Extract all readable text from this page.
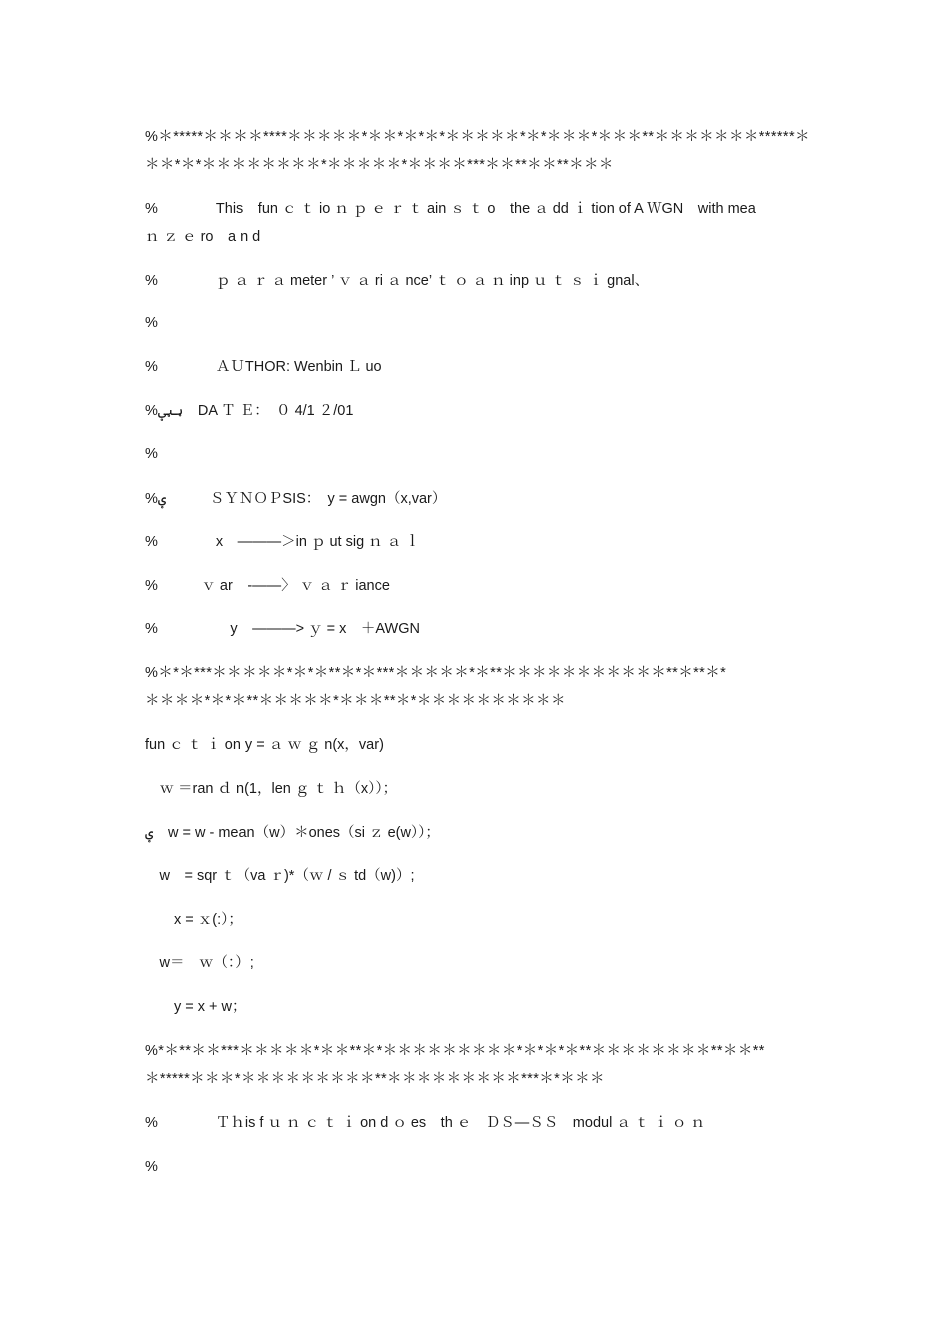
%＊*****＊＊＊＊****＊＊＊＊＊*＊＊*＊*＊*＊＊＊＊＊*＊*＊＊＊*＊＊＊**＊＊＊＊＊＊＊******＊
＊＊*＊*＊＊＊＊＊＊＊＊*＊＊＊＊＊*＊＊＊＊***＊＊**＊＊**＊＊＊
%　　　　This　fun ｃ ｔ io ｎ ｐ ｅ ｒ ｔ ain ｓ ｔ o　the ａ dd ｉ tion of A ＷGN　with mea
ｎ ｚ ｅ ro　a n d
%　　　　ｐ ａ ｒ ａ meter ’ ｖ ａ ri ａ nce’ ｔ ｏ ａ ｎ inp ｕ ｔ ｓ ｉ gnal、
%
%　　　　ＡＵTHOR: Wenbin Ｌ uo
%ؠؠؠ　DA Ｔ Ｅ：　０ 4/1 ２/01
%
%ؠ　　　ＳＹＮＯＰSIS：　y = awgn（x,var）
%　　　　x　———＞in ｐ ut sig ｎ ａ ｌ
%　　　ｖ ar　-——〉 ｖ ａ ｒ iance
%　　　　　y　———> ｙ = x　＋AWGN
%＊*＊***＊＊＊＊＊*＊*＊**＊*＊***＊＊＊＊＊*＊**＊＊＊＊＊＊＊＊＊＊＊**＊**＊*
＊＊＊＊*＊*＊**＊＊＊＊＊*＊＊＊**＊*＊＊＊＊＊＊＊＊＊＊
fun ｃ ｔ ｉ on y = ａ ｗ ｇ n(x，var)
　ｗ ＝ran ｄ n(1，len ｇ ｔ ｈ（x））；
ؠ　w = w - mean（w）＊ones（si ｚ e(w））；
　w　= sqr ｔ（va ｒ)*（ｗ / ｓ td（w)）;
　　x = ｘ(:）；
　w＝　ｗ（：）;
　　y = x + w；
%*＊**＊＊***＊＊＊＊＊*＊＊**＊*＊＊＊＊＊＊＊＊＊*＊*＊*＊**＊＊＊＊＊＊＊＊**＊＊**
＊*****＊＊＊*＊＊＊＊＊＊＊＊＊**＊＊＊＊＊＊＊＊＊***＊*＊＊＊
%　　　　Ｔｈis f ｕ ｎ ｃ ｔ ｉ on d ｏ es　th ｅ　ＤＳ—ＳＳ　modul ａ ｔ ｉ ｏ ｎ
%
